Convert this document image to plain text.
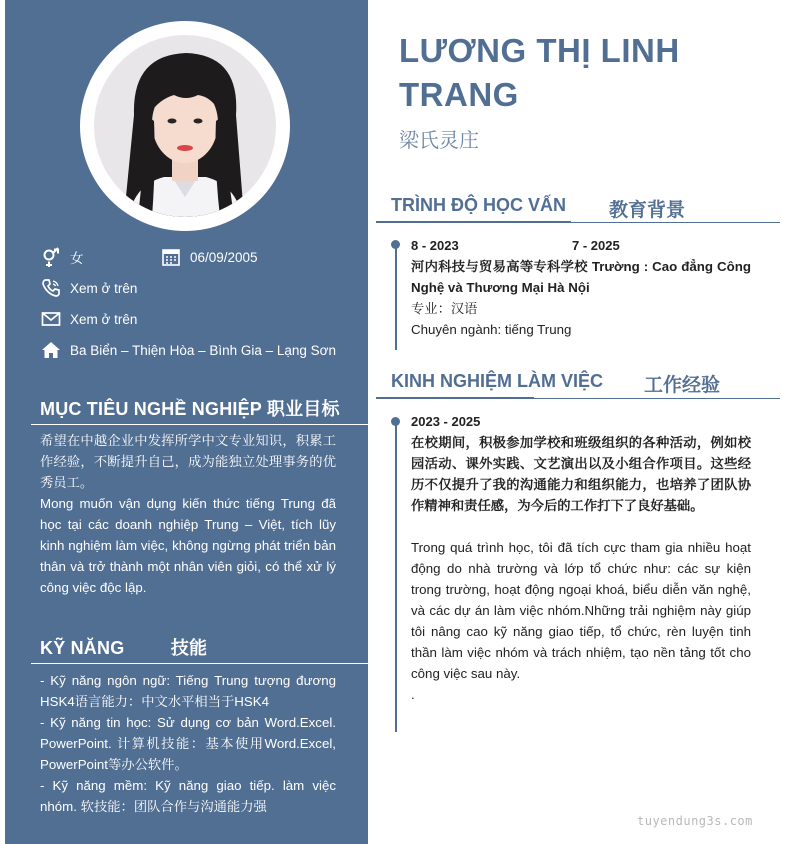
女	06/09/2005
Xem ở trên
Xem ở trên
Ba Biển – Thiện Hòa – Bình Gia – Lạng Sơn
MỤC TIÊU NGHỀ NGHIỆP 职业目标
希望在中越企业中发挥所学中文专业知识，积累工作经验，不断提升自己，成为能独立处理事务的优秀员工。
Mong muốn vận dụng kiến thức tiếng Trung đã học tại các doanh nghiệp Trung – Việt, tích lũy kinh nghiệm làm việc, không ngừng phát triển bản thân và trở thành một nhân viên giỏi, có thể xử lý công việc độc lập.
KỸ NĂNG	技能
- Kỹ năng ngôn ngữ: Tiếng Trung tượng đương HSK4语言能力：中文水平相当于HSK4
- Kỹ năng tin học: Sử dụng cơ bản Word.Excel. PowerPoint. 计算机技能：基本使用Word.Excel, PowerPoint等办公软件。
- Kỹ năng mềm: Kỹ năng giao tiếp. làm việc nhóm. 软技能：团队合作与沟通能力强
LƯƠNG THỊ LINH
TRANG
梁氏灵庄
TRÌNH ĐỘ HỌC VẤN 教育背景
8 - 2023	7 - 2025
河内科技与贸易高等专科学校 Trường : Cao đẳng Công Nghệ và Thương Mại Hà Nội
专业：汉语
Chuyên ngành: tiếng Trung
KINH NGHIỆM LÀM VIỆC 工作经验
2023 - 2025
在校期间，积极参加学校和班级组织的各种活动，例如校园活动、课外实践、文艺演出以及小组合作项目。这些经历不仅提升了我的沟通能力和组织能力，也培养了团队协作精神和责任感，为今后的工作打下了良好基础。
Trong quá trình học, tôi đã tích cực tham gia nhiều hoạt động do nhà trường và lớp tổ chức như: các sự kiện trong trường, hoạt động ngoại khoá, biểu diễn văn nghệ, và các dự án làm việc nhóm.Những trải nghiệm này giúp tôi nâng cao kỹ năng giao tiếp, tổ chức, rèn luyện tinh thần làm việc nhóm và trách nhiệm, tạo nền tảng tốt cho công việc sau này.
.
tuyendung3s.com
